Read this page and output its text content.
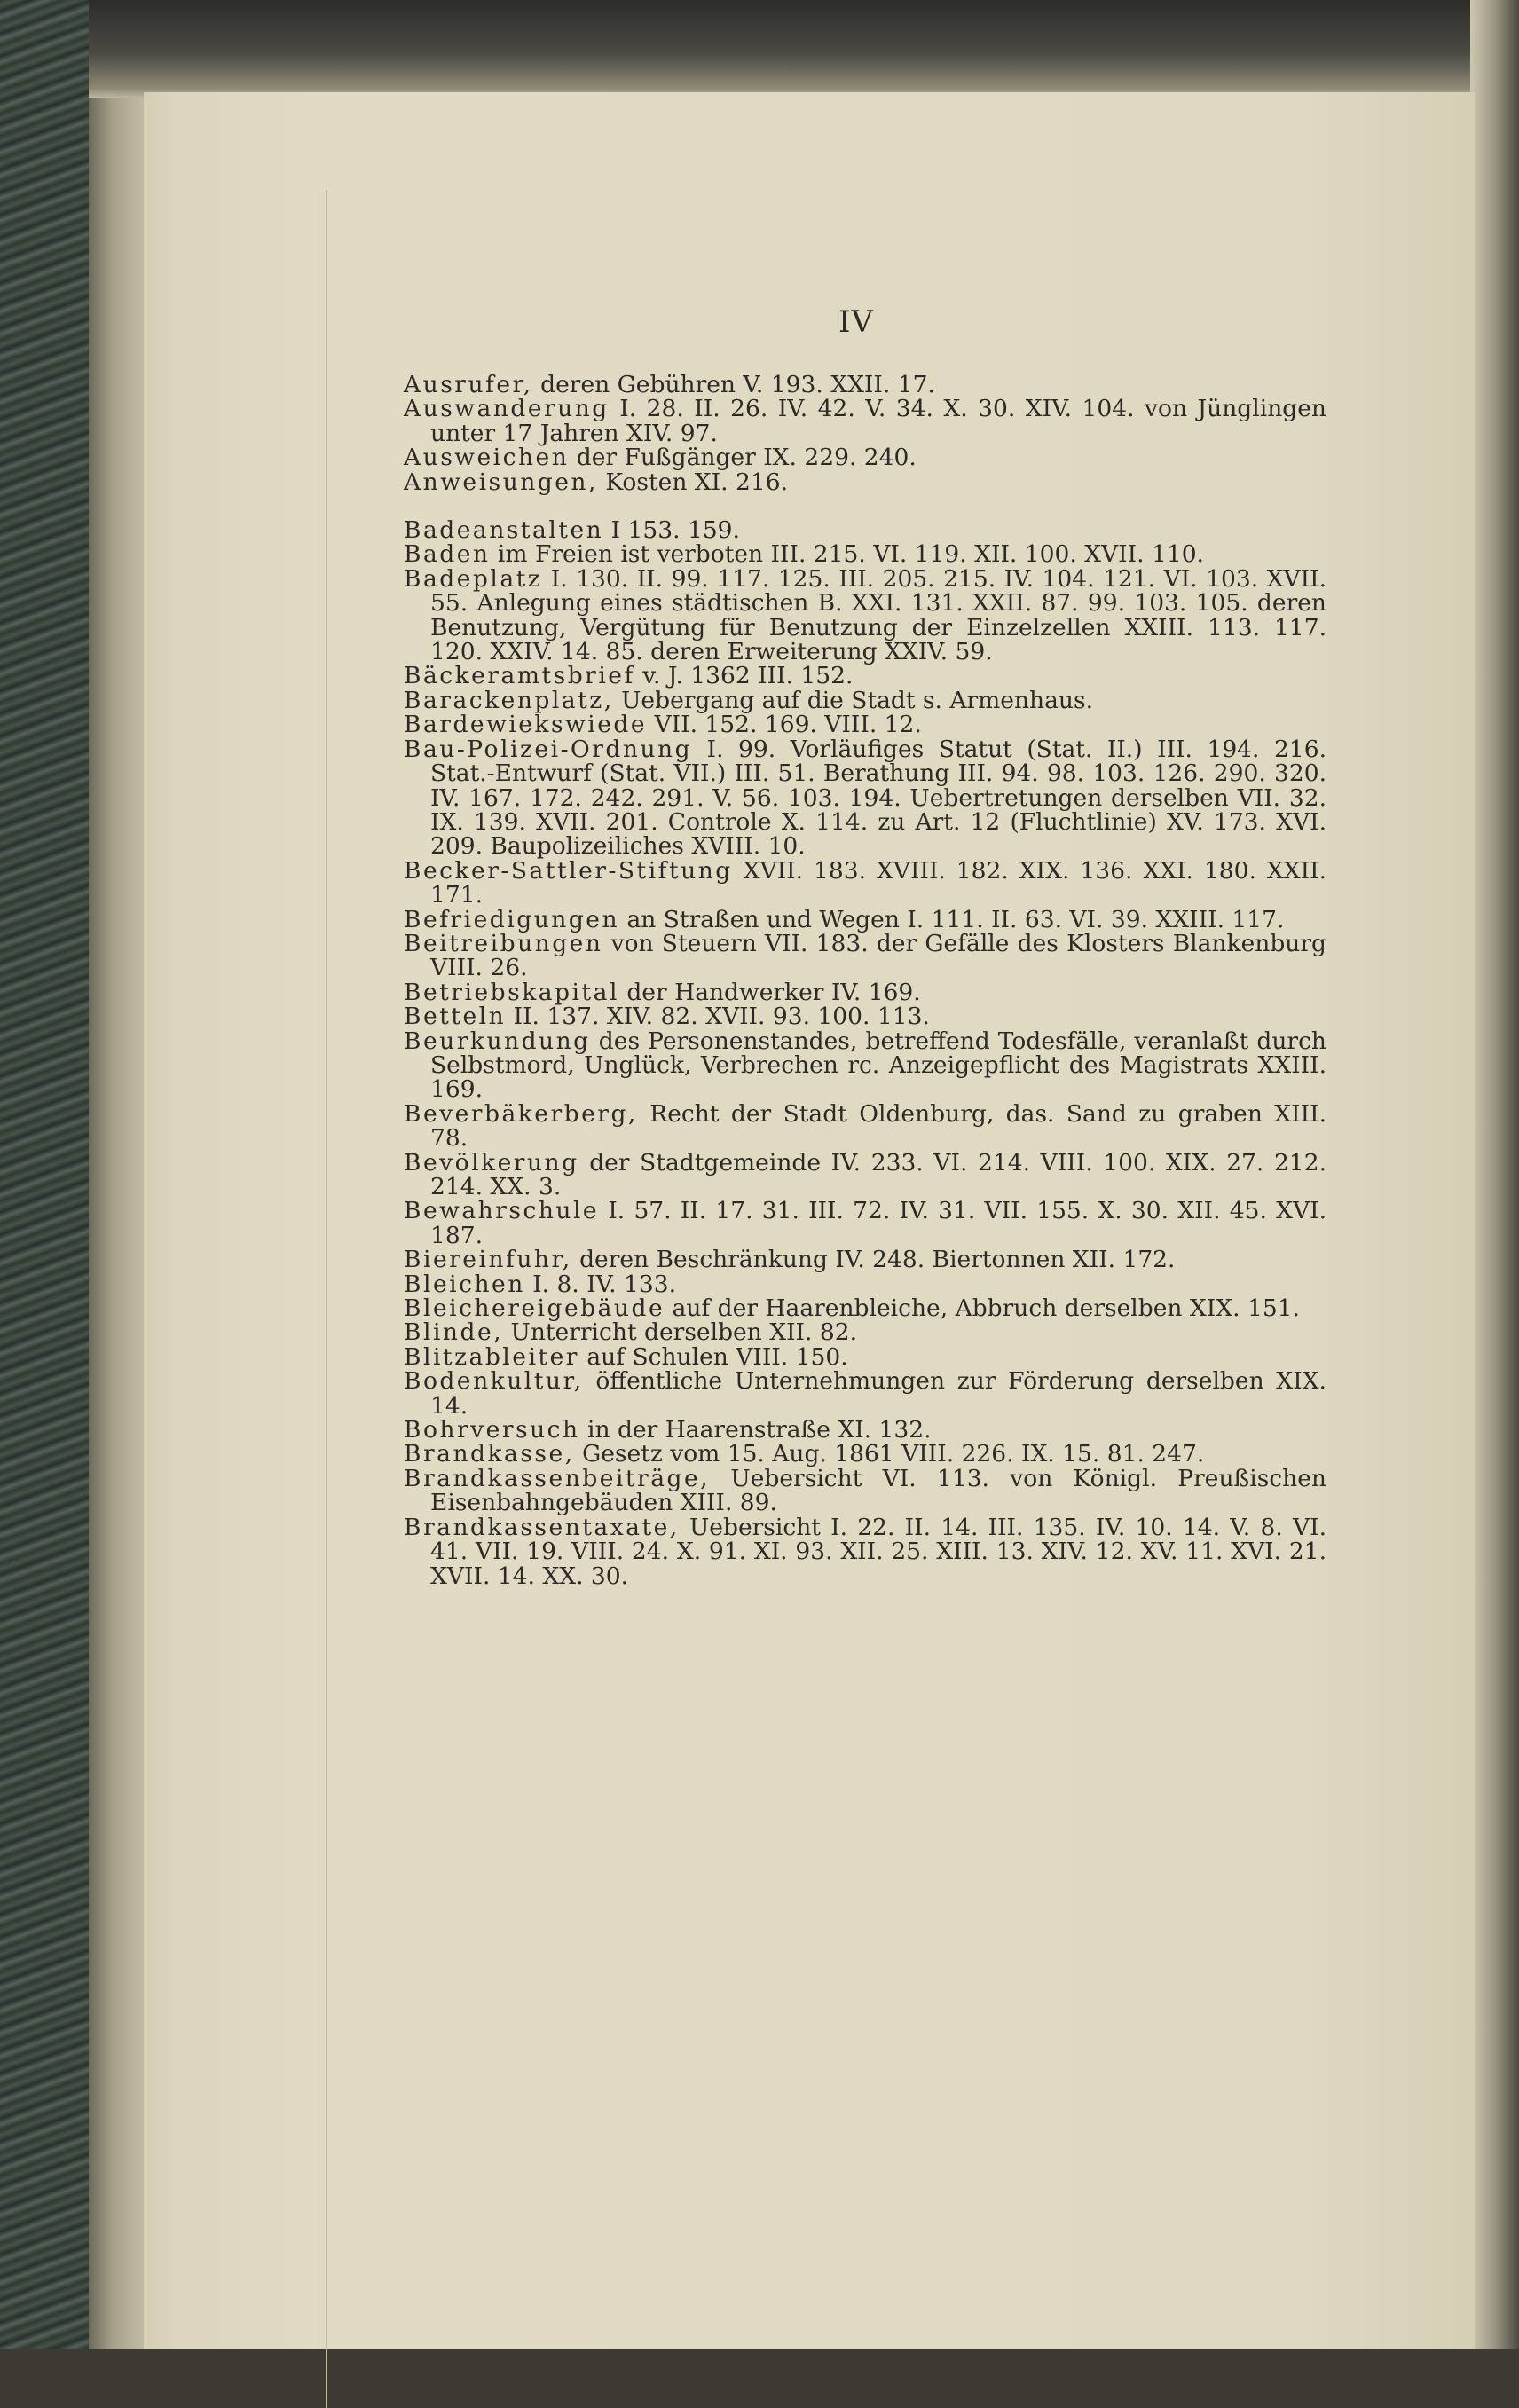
IV
Ausrufer, deren Gebühren V. 193. XXII. 17.
Auswanderung I. 28. II. 26. IV. 42. V. 34. X. 30. XIV. 104. von Jünglingen unter 17 Jahren XIV. 97.
Ausweichen der Fußgänger IX. 229. 240.
Anweisungen, Kosten XI. 216.
Badeanstalten I 153. 159.
Baden im Freien ist verboten III. 215. VI. 119. XII. 100. XVII. 110.
Badeplatz I. 130. II. 99. 117. 125. III. 205. 215. IV. 104. 121. VI. 103. XVII. 55. Anlegung eines städtischen B. XXI. 131. XXII. 87. 99. 103. 105. deren Benutzung, Vergütung für Benutzung der Einzelzellen XXIII. 113. 117. 120. XXIV. 14. 85. deren Erweiterung XXIV. 59.
Bäckeramtsbrief v. J. 1362 III. 152.
Barackenplatz, Uebergang auf die Stadt s. Armenhaus.
Bardewiekswiede VII. 152. 169. VIII. 12.
Bau-Polizei-Ordnung I. 99. Vorläufiges Statut (Stat. II.) III. 194. 216. Stat.-Entwurf (Stat. VII.) III. 51. Berathung III. 94. 98. 103. 126. 290. 320. IV. 167. 172. 242. 291. V. 56. 103. 194. Uebertretungen derselben VII. 32. IX. 139. XVII. 201. Controle X. 114. zu Art. 12 (Fluchtlinie) XV. 173. XVI. 209. Baupolizeiliches XVIII. 10.
Becker-Sattler-Stiftung XVII. 183. XVIII. 182. XIX. 136. XXI. 180. XXII. 171.
Befriedigungen an Straßen und Wegen I. 111. II. 63. VI. 39. XXIII. 117.
Beitreibungen von Steuern VII. 183. der Gefälle des Klosters Blankenburg VIII. 26.
Betriebskapital der Handwerker IV. 169.
Betteln II. 137. XIV. 82. XVII. 93. 100. 113.
Beurkundung des Personenstandes, betreffend Todesfälle, veranlaßt durch Selbstmord, Unglück, Verbrechen rc. Anzeigepflicht des Magistrats XXIII. 169.
Beverbäkerberg, Recht der Stadt Oldenburg, das. Sand zu graben XIII. 78.
Bevölkerung der Stadtgemeinde IV. 233. VI. 214. VIII. 100. XIX. 27. 212. 214. XX. 3.
Bewahrschule I. 57. II. 17. 31. III. 72. IV. 31. VII. 155. X. 30. XII. 45. XVI. 187.
Biereinfuhr, deren Beschränkung IV. 248. Biertonnen XII. 172.
Bleichen I. 8. IV. 133.
Bleichereigebäude auf der Haarenbleiche, Abbruch derselben XIX. 151.
Blinde, Unterricht derselben XII. 82.
Blitzableiter auf Schulen VIII. 150.
Bodenkultur, öffentliche Unternehmungen zur Förderung derselben XIX. 14.
Bohrversuch in der Haarenstraße XI. 132.
Brandkasse, Gesetz vom 15. Aug. 1861 VIII. 226. IX. 15. 81. 247.
Brandkassenbeiträge, Uebersicht VI. 113. von Königl. Preußischen Eisenbahngebäuden XIII. 89.
Brandkassentaxate, Uebersicht I. 22. II. 14. III. 135. IV. 10. 14. V. 8. VI. 41. VII. 19. VIII. 24. X. 91. XI. 93. XII. 25. XIII. 13. XIV. 12. XV. 11. XVI. 21. XVII. 14. XX. 30.
